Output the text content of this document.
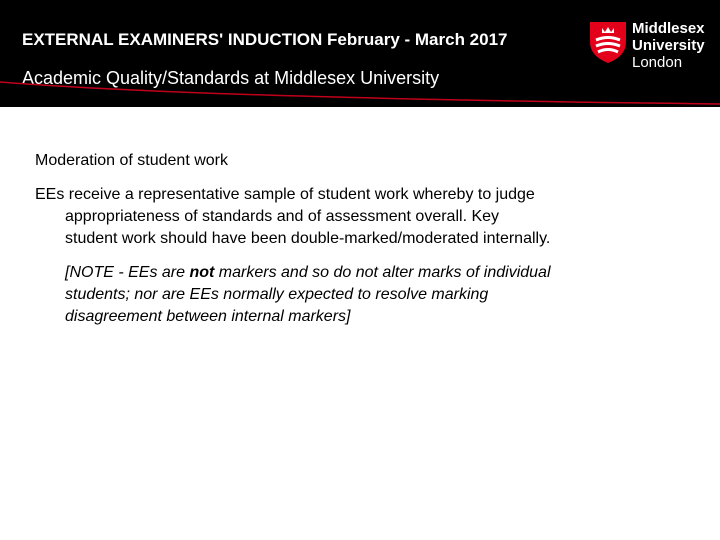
EXTERNAL EXAMINERS' INDUCTION February - March 2017
Academic Quality/Standards at Middlesex University
Middlesex
University
London
Moderation of student work

EEs receive a representative sample of student work whereby to judge appropriateness of standards and of assessment overall. Key student work should have been double-marked/moderated internally.

[NOTE - EEs are not markers and so do not alter marks of individual students; nor are EEs normally expected to resolve marking disagreement between internal markers]
